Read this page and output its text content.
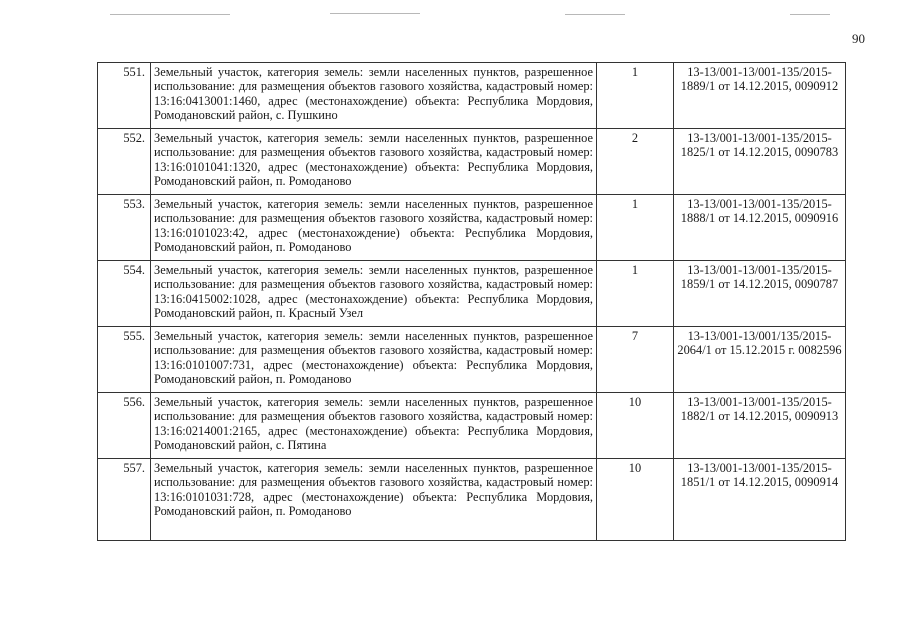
90
551.	Земельный участок, категория земель: земли населенных пунктов, разрешенное использование: для размещения объектов газового хозяйства, кадастровый номер: 13:16:0413001:1460, адрес (местонахождение) объекта: Республика Мордовия, Ромодановский район, с. Пушкино	1	13-13/001-13/001-135/2015-1889/1 от 14.12.2015, 0090912
552.	Земельный участок, категория земель: земли населенных пунктов, разрешенное использование: для размещения объектов газового хозяйства, кадастровый номер: 13:16:0101041:1320, адрес (местонахождение) объекта: Республика Мордовия, Ромодановский район, п. Ромоданово	2	13-13/001-13/001-135/2015-1825/1 от 14.12.2015, 0090783
553.	Земельный участок, категория земель: земли населенных пунктов, разрешенное использование: для размещения объектов газового хозяйства, кадастровый номер: 13:16:0101023:42, адрес (местонахождение) объекта: Республика Мордовия, Ромодановский район, п. Ромоданово	1	13-13/001-13/001-135/2015-1888/1 от 14.12.2015, 0090916
554.	Земельный участок, категория земель: земли населенных пунктов, разрешенное использование: для размещения объектов газового хозяйства, кадастровый номер: 13:16:0415002:1028, адрес (местонахождение) объекта: Республика Мордовия, Ромодановский район, п. Красный Узел	1	13-13/001-13/001-135/2015-1859/1 от 14.12.2015, 0090787
555.	Земельный участок, категория земель: земли населенных пунктов, разрешенное использование: для размещения объектов газового хозяйства, кадастровый номер: 13:16:0101007:731, адрес (местонахождение) объекта: Республика Мордовия, Ромодановский район, п. Ромоданово	7	13-13/001-13/001/135/2015-2064/1 от 15.12.2015 г. 0082596
556.	Земельный участок, категория земель: земли населенных пунктов, разрешенное использование: для размещения объектов газового хозяйства, кадастровый номер: 13:16:0214001:2165, адрес (местонахождение) объекта: Республика Мордовия, Ромодановский район, с. Пятина	10	13-13/001-13/001-135/2015-1882/1 от 14.12.2015, 0090913
557.	Земельный участок, категория земель: земли населенных пунктов, разрешенное использование: для размещения объектов газового хозяйства, кадастровый номер: 13:16:0101031:728, адрес (местонахождение) объекта: Республика Мордовия, Ромодановский район, п. Ромоданово	10	13-13/001-13/001-135/2015-1851/1 от 14.12.2015, 0090914
